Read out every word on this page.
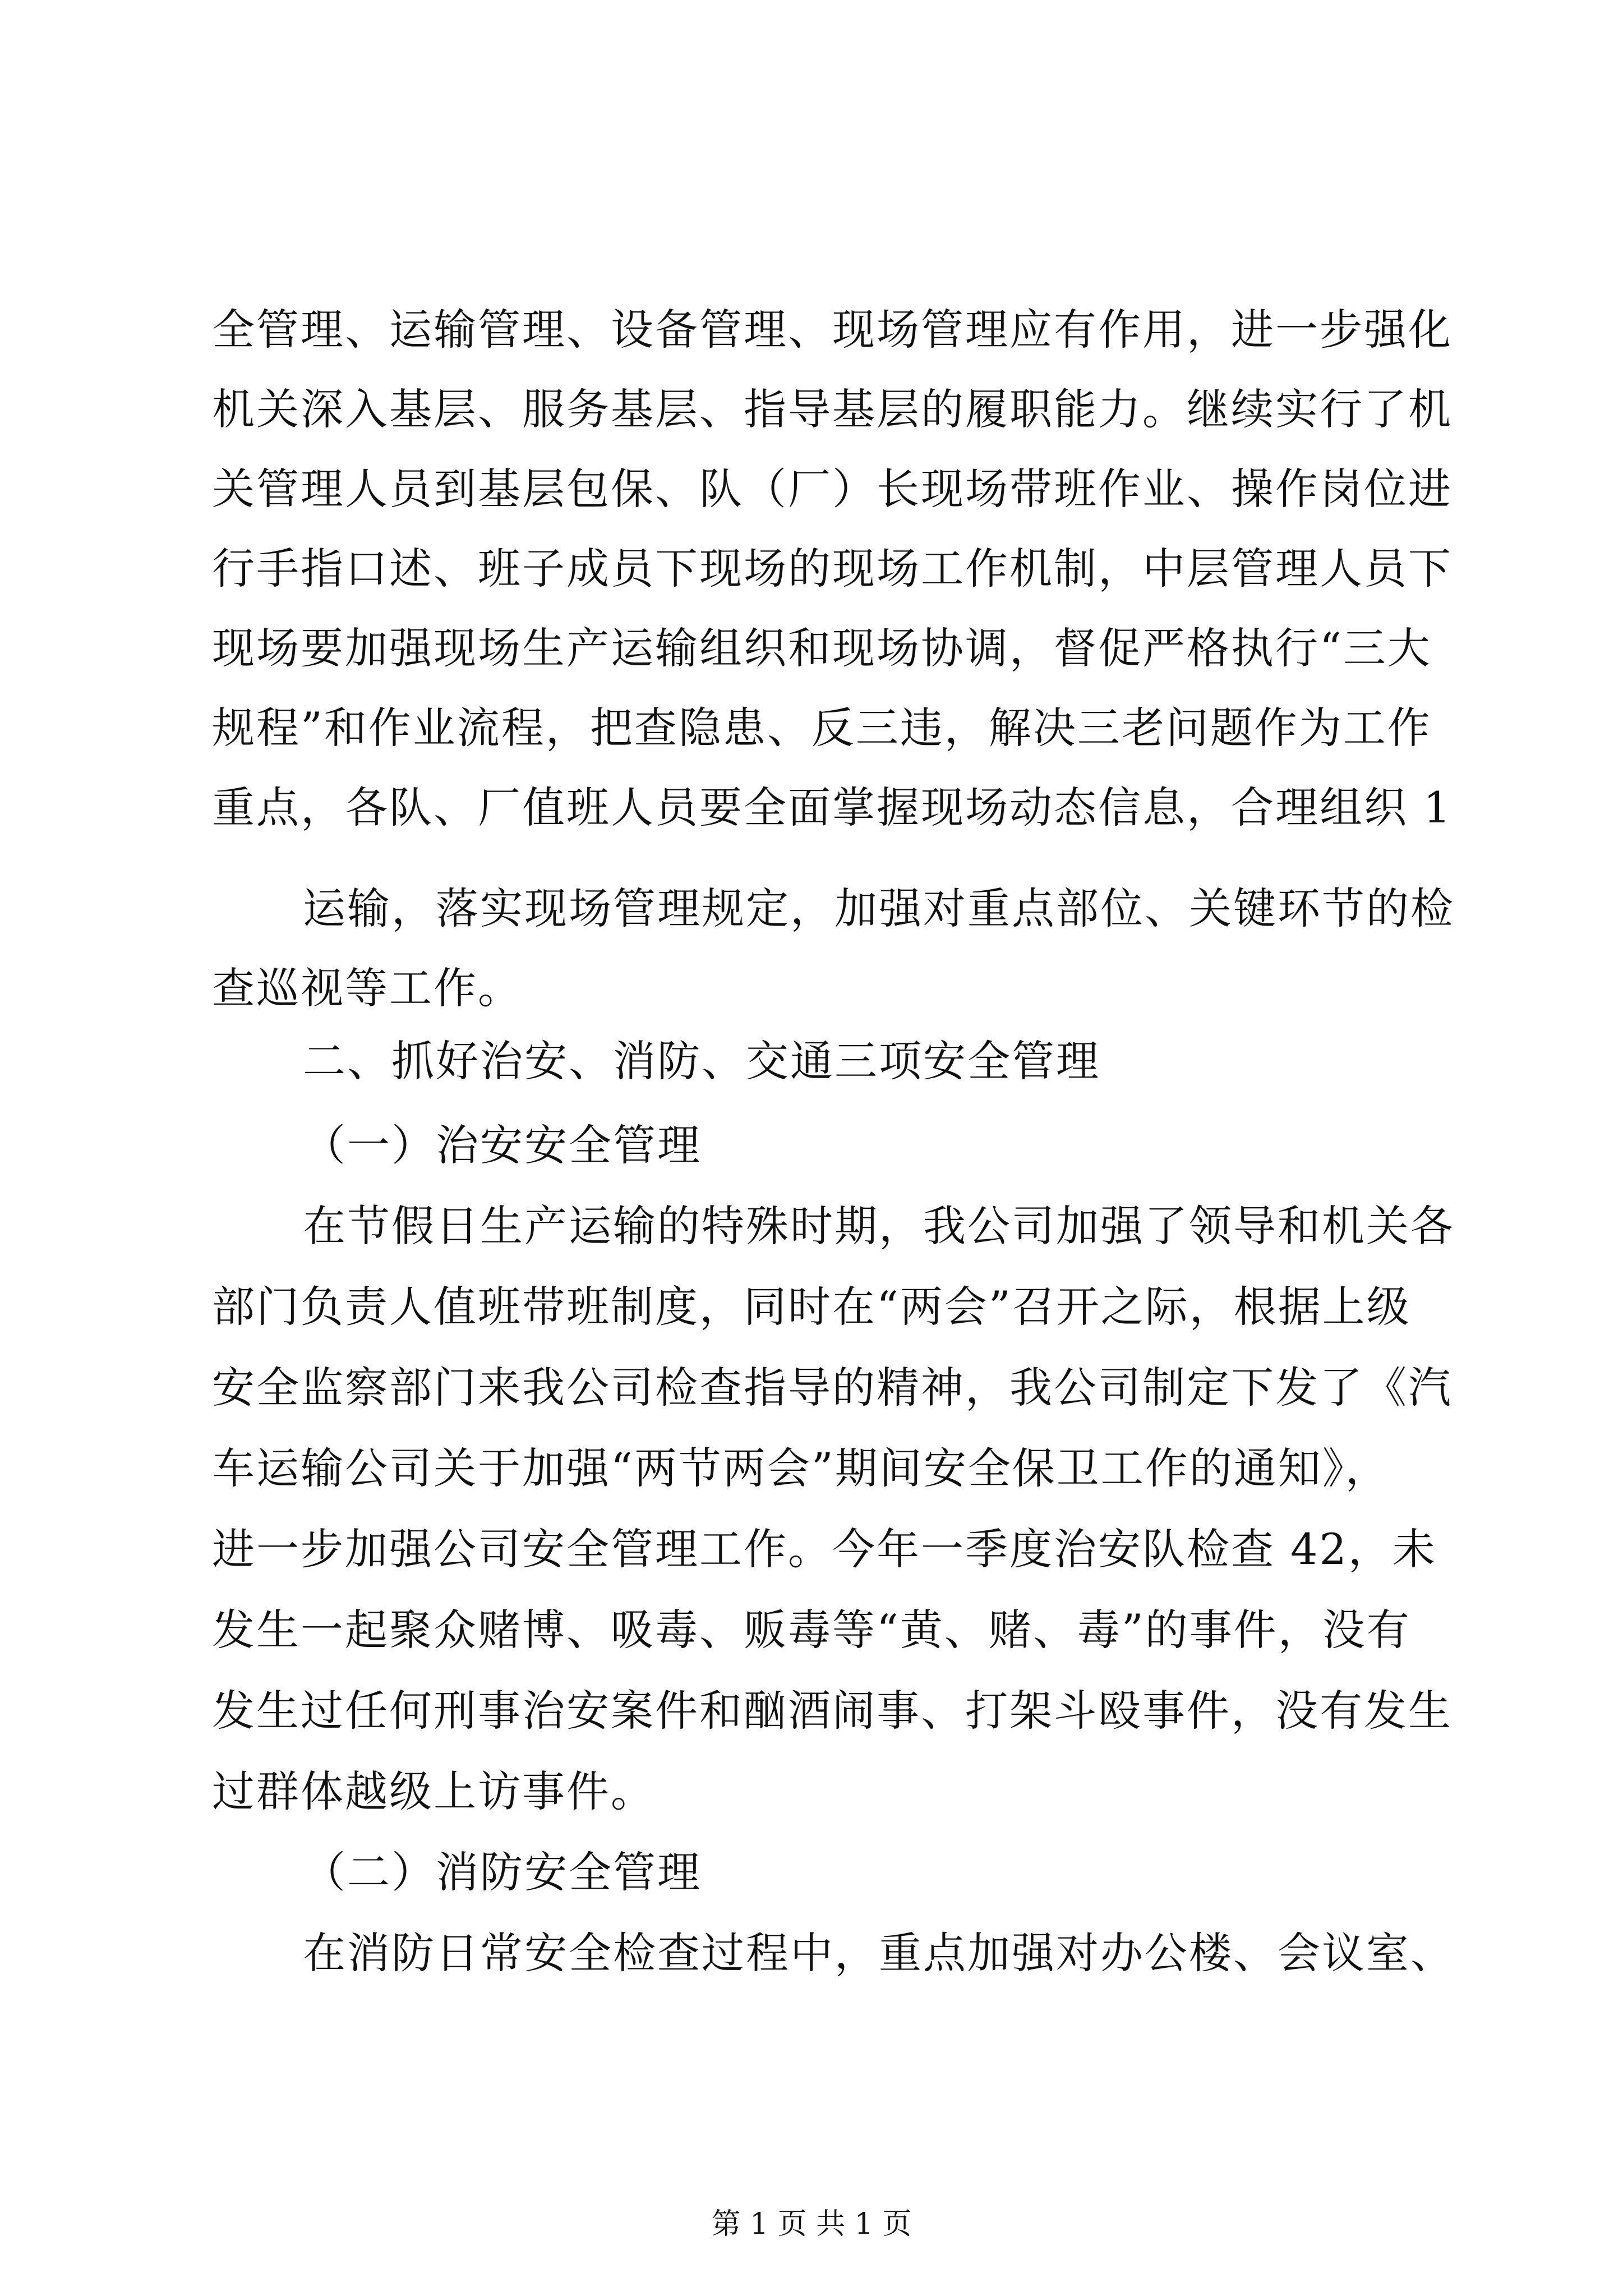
全管理、运输管理、设备管理、现场管理应有作用，进一步强化
机关深入基层、服务基层、指导基层的履职能力。继续实行了机
关管理人员到基层包保、队（厂）长现场带班作业、操作岗位进
行手指口述、班子成员下现场的现场工作机制，中层管理人员下
现场要加强现场生产运输组织和现场协调，督促严格执行“三大
规程”和作业流程，把查隐患、反三违，解决三老问题作为工作
重点，各队、厂值班人员要全面掌握现场动态信息，合理组织 1
运输，落实现场管理规定，加强对重点部位、关键环节的检
查巡视等工作。
二、抓好治安、消防、交通三项安全管理
（一）治安安全管理
在节假日生产运输的特殊时期，我公司加强了领导和机关各
部门负责人值班带班制度，同时在“两会”召开之际，根据上级
安全监察部门来我公司检查指导的精神，我公司制定下发了《汽
车运输公司关于加强“两节两会”期间安全保卫工作的通知》，
进一步加强公司安全管理工作。今年一季度治安队检查 42，未
发生一起聚众赌博、吸毒、贩毒等“黄、赌、毒”的事件，没有
发生过任何刑事治安案件和酗酒闹事、打架斗殴事件，没有发生
过群体越级上访事件。
（二）消防安全管理
在消防日常安全检查过程中，重点加强对办公楼、会议室、
第 1 页 共 1 页
